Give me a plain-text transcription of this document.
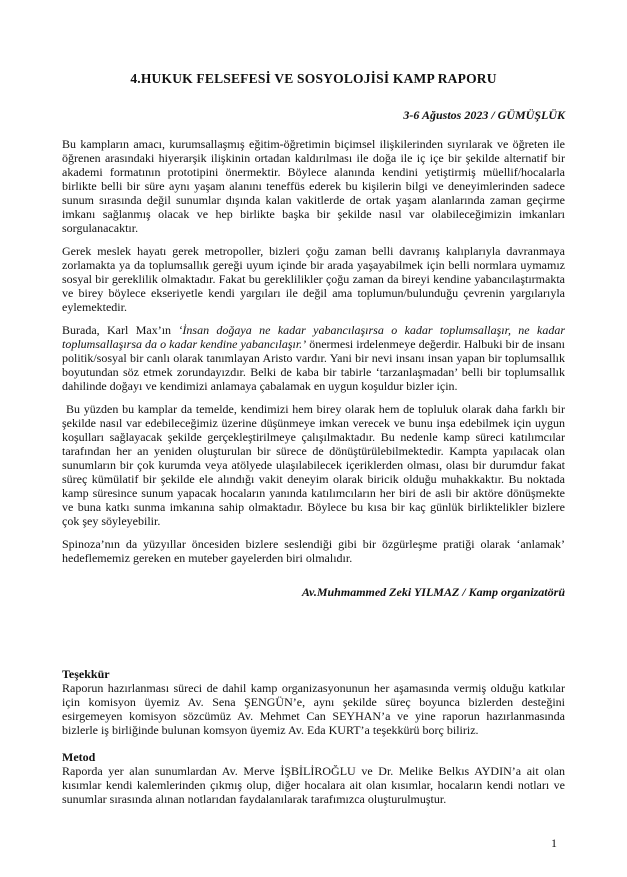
4.HUKUK FELSEFESİ VE SOSYOLOJİSİ KAMP RAPORU

3-6 Ağustos 2023 / GÜMÜŞLÜK

Bu kampların amacı, kurumsallaşmış eğitim-öğretimin biçimsel ilişkilerinden sıyrılarak ve öğreten ile öğrenen arasındaki hiyerarşik ilişkinin ortadan kaldırılması ile doğa ile iç içe bir şekilde alternatif bir akademi formatının prototipini önermektir. Böylece alanında kendini yetiştirmiş müellif/hocalarla birlikte belli bir süre aynı yaşam alanını teneffüs ederek bu kişilerin bilgi ve deneyimlerinden sadece sunum sırasında değil sunumlar dışında kalan vakitlerde de ortak yaşam alanlarında zaman geçirme imkanı sağlanmış olacak ve hep birlikte başka bir şekilde nasıl var olabileceğimizin imkanları sorgulanacaktır.

Gerek meslek hayatı gerek metropoller, bizleri çoğu zaman belli davranış kalıplarıyla davranmaya zorlamakta ya da toplumsallık gereği uyum içinde bir arada yaşayabilmek için belli normlara uymamız sosyal bir gereklilik olmaktadır. Fakat bu gereklilikler çoğu zaman da bireyi kendine yabancılaştırmakta ve birey böylece ekseriyetle kendi yargıları ile değil ama toplumun/bulunduğu çevrenin yargılarıyla eylemektedir.

Burada, Karl Max’ın ‘İnsan doğaya ne kadar yabancılaşırsa o kadar toplumsallaşır, ne kadar toplumsallaşırsa da o kadar kendine yabancılaşır.’ önermesi irdelenmeye değerdir. Halbuki bir de insanı politik/sosyal bir canlı olarak tanımlayan Aristo vardır. Yani bir nevi insanı insan yapan bir toplumsallık boyutundan söz etmek zorundayızdır. Belki de kaba bir tabirle ‘tarzanlaşmadan’ belli bir toplumsallık dahilinde doğayı ve kendimizi anlamaya çabalamak en uygun koşuldur bizler için.

Bu yüzden bu kamplar da temelde, kendimizi hem birey olarak hem de topluluk olarak daha farklı bir şekilde nasıl var edebileceğimiz üzerine düşünmeye imkan verecek ve bunu inşa edebilmek için uygun koşulları sağlayacak şekilde gerçekleştirilmeye çalışılmaktadır. Bu nedenle kamp süreci katılımcılar tarafından her an yeniden oluşturulan bir sürece de dönüştürülebilmektedir. Kampta yapılacak olan sunumların bir çok kurumda veya atölyede ulaşılabilecek içeriklerden olması, olası bir durumdur fakat süreç kümülatif bir şekilde ele alındığı vakit deneyim olarak biricik olduğu muhakkaktır. Bu noktada kamp süresince sunum yapacak hocaların yanında katılımcıların her biri de asli bir aktöre dönüşmekte ve buna katkı sunma imkanına sahip olmaktadır. Böylece bu kısa bir kaç günlük birliktelikler bizlere çok şey söyleyebilir.

Spinoza’nın da yüzyıllar öncesiden bizlere seslendiği gibi bir özgürleşme pratiği olarak ‘anlamak’ hedeflememiz gereken en muteber gayelerden biri olmalıdır.

Av.Muhmammed Zeki YILMAZ / Kamp organizatörü

Teşekkür

Raporun hazırlanması süreci de dahil kamp organizasyonunun her aşamasında vermiş olduğu katkılar için komisyon üyemiz Av. Sena ŞENGÜN’e, aynı şekilde süreç boyunca bizlerden desteğini esirgemeyen komisyon sözcümüz Av. Mehmet Can SEYHAN’a ve yine raporun hazırlanmasında bizlerle iş birliğinde bulunan komsyon üyemiz Av. Eda KURT’a teşekkürü borç biliriz.

Metod

Raporda yer alan sunumlardan Av. Merve İŞBİLİROĞLU ve Dr. Melike Belkıs AYDIN’a ait olan kısımlar kendi kalemlerinden çıkmış olup, diğer hocalara ait olan kısımlar, hocaların kendi notları ve sunumlar sırasında alınan notlarıdan faydalanılarak tarafımızca oluşturulmuştur.

1
